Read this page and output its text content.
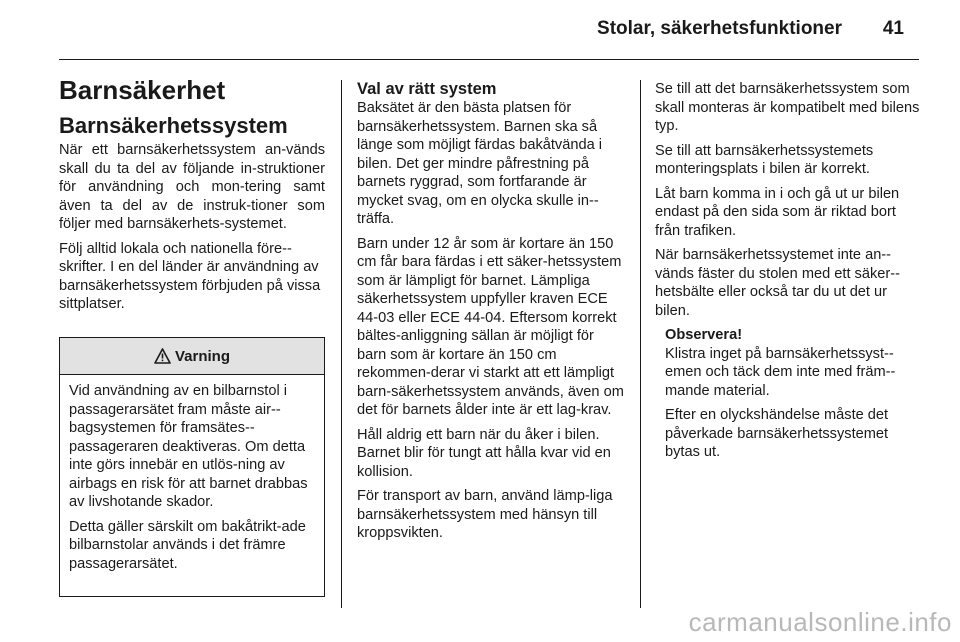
Stolar, säkerhetsfunktioner 41
Barnsäkerhet
Barnsäkerhetssystem

När ett barnsäkerhetssystem an-vänds skall du ta del av följande in-struktioner för användning och mon-tering samt även ta del av de instruk-tioner som följer med barnsäkerhets-systemet.

Följ alltid lokala och nationella före-skrifter. I en del länder är användning av barnsäkerhetssystem förbjuden på vissa sittplatser.

Varning

Vid användning av en bilbarnstol i passagerarsätet fram måste air-bagsystemen för framsätes-passageraren deaktiveras. Om detta inte görs innebär en utlös-ning av airbags en risk för att barnet drabbas av livshotande skador.

Detta gäller särskilt om bakåtrikt-ade bilbarnstolar används i det främre passagerarsätet.

Val av rätt system

Baksätet är den bästa platsen för barnsäkerhetssystem. Barnen ska så länge som möjligt färdas bakåtvända i bilen. Det ger mindre påfrestning på barnets ryggrad, som fortfarande är mycket svag, om en olycka skulle in-träffa.

Barn under 12 år som är kortare än 150 cm får bara färdas i ett säker-hetssystem som är lämpligt för barnet. Lämpliga säkerhetssystem uppfyller kraven ECE 44-03 eller ECE 44-04. Eftersom korrekt bältes-anliggning sällan är möjligt för barn som är kortare än 150 cm rekommen-derar vi starkt att ett lämpligt barn-säkerhetssystem används, även om det för barnets ålder inte är ett lag-krav.

Håll aldrig ett barn när du åker i bilen. Barnet blir för tungt att hålla kvar vid en kollision.

För transport av barn, använd lämp-liga barnsäkerhetssystem med hänsyn till kroppsvikten.

Se till att det barnsäkerhetssystem som skall monteras är kompatibelt med bilens typ.

Se till att barnsäkerhetssystemets monteringsplats i bilen är korrekt.

Låt barn komma in i och gå ut ur bilen endast på den sida som är riktad bort från trafiken.

När barnsäkerhetssystemet inte an-vänds fäster du stolen med ett säker-hetsbälte eller också tar du ut det ur bilen.

Observera!

Klistra inget på barnsäkerhetssyst-emen och täck dem inte med främ-mande material.

Efter en olyckshändelse måste det påverkade barnsäkerhetssystemet bytas ut.

carmanualsonline.info
